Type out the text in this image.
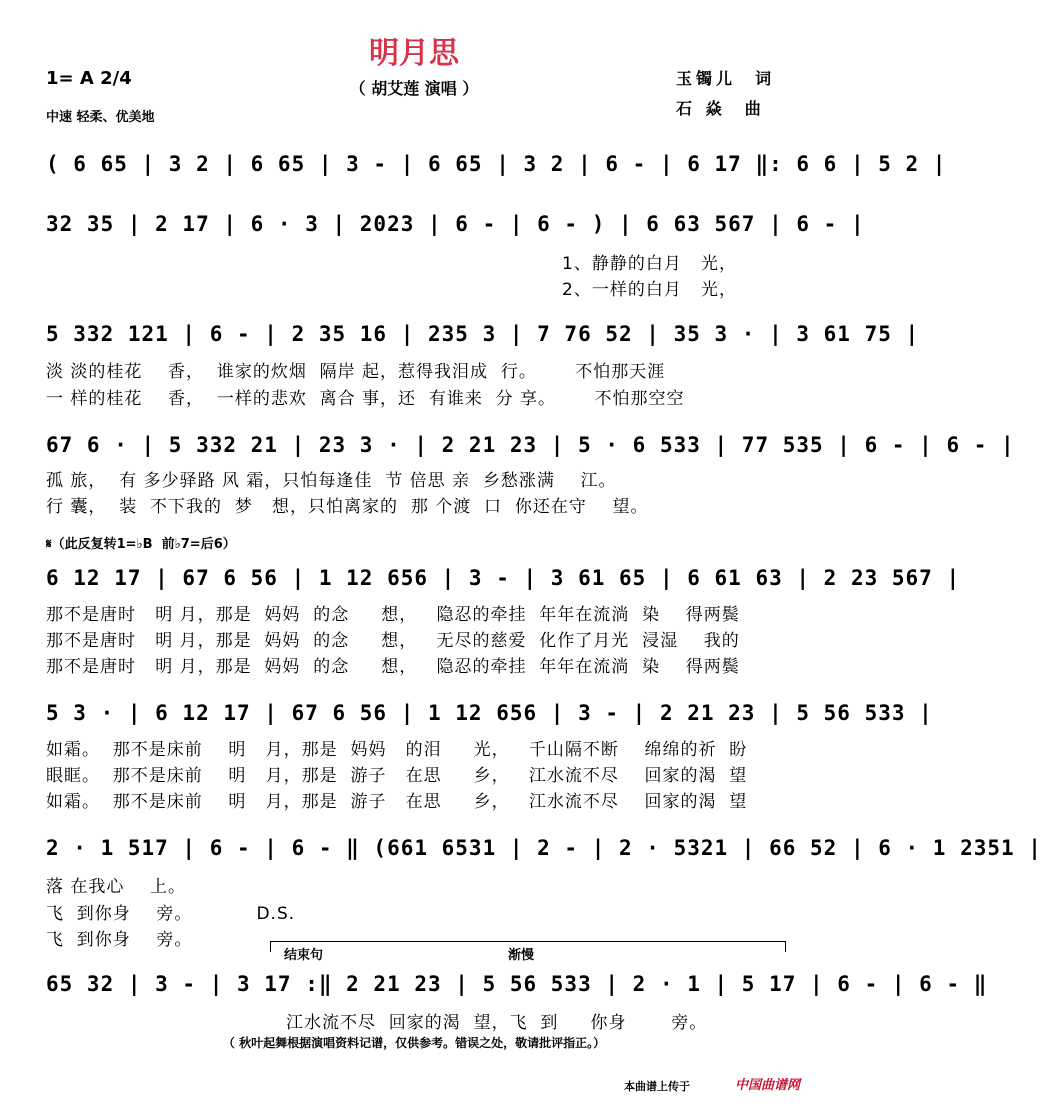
明月思
（ 胡艾莲 演唱 ）
1= A 2/4
中速 轻柔、优美地
玉镯儿  词
石 焱  曲
( 6 65 | 3 2 | 6 65 | 3 - | 6 65 | 3 2 | 6 - | 6 17 ‖: 6 6 | 5 2 |
32 35 | 2 17 | 6 · 3 | 2023 | 6 - | 6 - ) | 6 63 567 | 6 - |
1、静静的白月   光，
2、一样的白月   光，
5 332 121 | 6 - | 2 35 16 | 235 3 | 7 76 52 | 35 3 · | 3 61 75 |
淡 淡的桂花    香，  谁家的炊烟  隔岸 起，惹得我泪成  行。      不怕那天涯
一 样的桂花    香，  一样的悲欢  离合 事，还  有谁来  分 享。      不怕那空空
67 6 · | 5 332 21 | 23 3 · | 2 21 23 | 5 · 6 533 | 77 535 | 6 - | 6 - |
孤 旅，  有 多少驿路 风 霜，只怕每逢佳  节 倍思 亲  乡愁涨满    江。
行 囊，  装  不下我的  梦   想，只怕离家的  那 个渡  口  你还在守    望。
𝄋（此反复转1=♭B  前♭7=后6）
6 12 17 | 67 6 56 | 1 12 656 | 3 - | 3 61 65 | 6 61 63 | 2 23 567 |
那不是唐时   明 月，那是  妈妈  的念     想，   隐忍的牵挂  年年在流淌  染    得两鬓
那不是唐时   明 月，那是  妈妈  的念     想，   无尽的慈爱  化作了月光  浸湿    我的
那不是唐时   明 月，那是  妈妈  的念     想，   隐忍的牵挂  年年在流淌  染    得两鬓
5 3 · | 6 12 17 | 67 6 56 | 1 12 656 | 3 - | 2 21 23 | 5 56 533 |
如霜。  那不是床前    明   月，那是  妈妈   的泪     光，   千山隔不断    绵绵的祈  盼
眼眶。  那不是床前    明   月，那是  游子   在思     乡，   江水流不尽    回家的渴  望
如霜。  那不是床前    明   月，那是  游子   在思     乡，   江水流不尽    回家的渴  望
2 · 1 517 | 6 - | 6 - ‖ (661 6531 | 2 - | 2 · 5321 | 66 52 | 6 · 1 2351 |
落 在我心    上。
飞  到你身    旁。          D.S.
飞  到你身    旁。
结束句	渐慢
65 32 | 3 - | 3 17 :‖ 2 21 23 | 5 56 533 | 2 · 1 | 5 17 | 6 - | 6 - ‖
江水流不尽  回家的渴  望，飞  到     你身       旁。
（ 秋叶起舞根据演唱资料记谱，仅供参考。错误之处，敬请批评指正。）
本曲谱上传于	中国曲谱网
